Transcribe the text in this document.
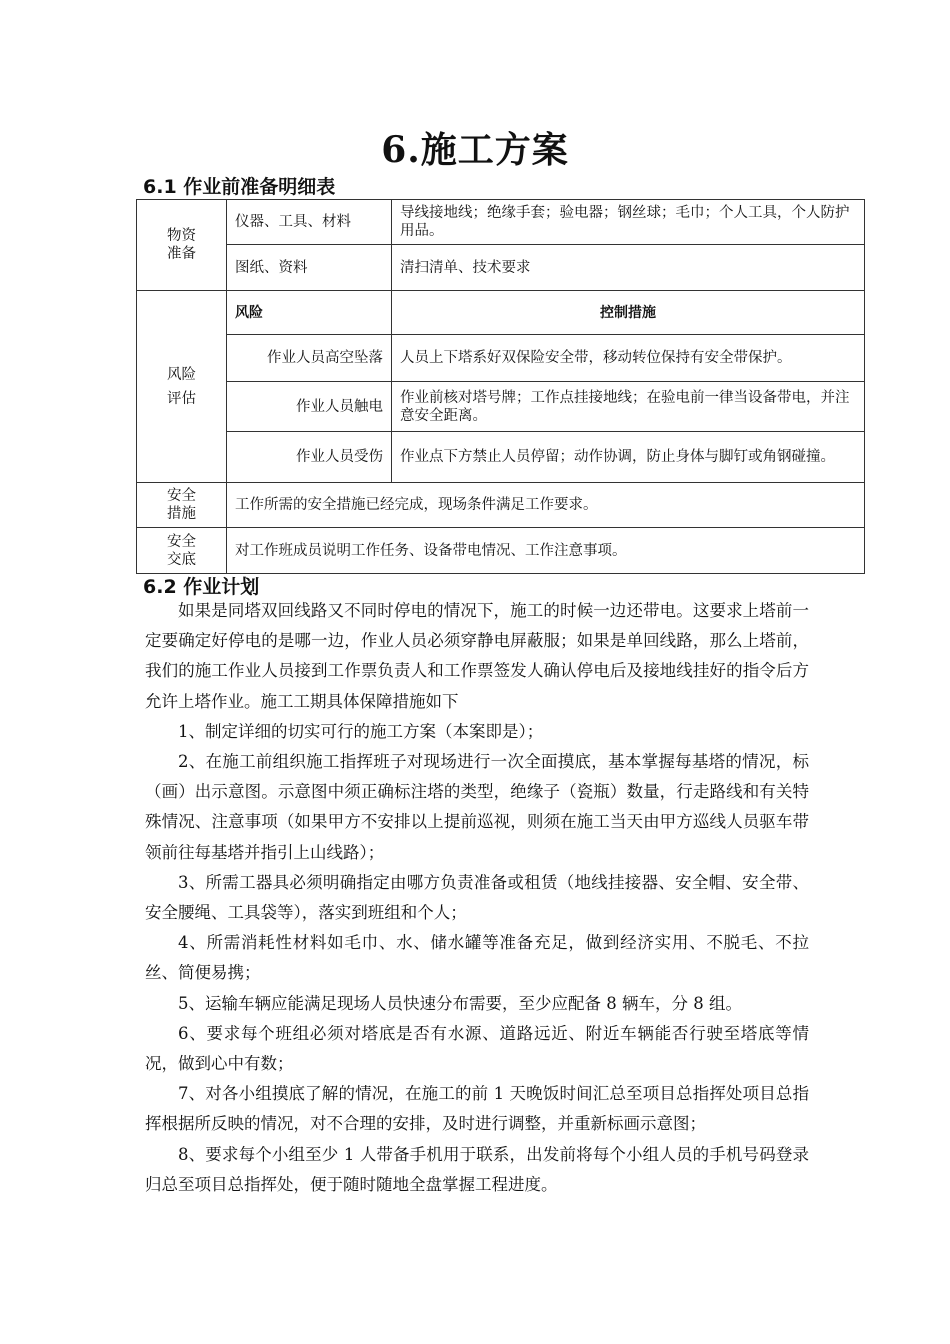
6.施工方案
6.1 作业前准备明细表
物资
准备	仪器、工具、材料	导线接地线；绝缘手套；验电器；钢丝球；毛巾；个人工具，个人防护用品。
	图纸、资料	清扫清单、技术要求

风险
评估	风险	控制措施
	作业人员高空坠落	人员上下塔系好双保险安全带，移动转位保持有安全带保护。
	作业人员触电	作业前核对塔号牌；工作点挂接地线；在验电前一律当设备带电，并注意安全距离。
	作业人员受伤	作业点下方禁止人员停留；动作协调，防止身体与脚钉或角钢碰撞。

安全
措施	工作所需的安全措施已经完成，现场条件满足工作要求。	

安全
交底	对工作班成员说明工作任务、设备带电情况、工作注意事项。	
6.2 作业计划

如果是同塔双回线路又不同时停电的情况下，施工的时候一边还带电。这要求上塔前一定要确定好停电的是哪一边，作业人员必须穿静电屏蔽服；如果是单回线路，那么上塔前，我们的施工作业人员接到工作票负责人和工作票签发人确认停电后及接地线挂好的指令后方允许上塔作业。施工工期具体保障措施如下

1、制定详细的切实可行的施工方案（本案即是）；

2、在施工前组织施工指挥班子对现场进行一次全面摸底，基本掌握每基塔的情况，标（画）出示意图。示意图中须正确标注塔的类型，绝缘子（瓷瓶）数量，行走路线和有关特殊情况、注意事项（如果甲方不安排以上提前巡视，则须在施工当天由甲方巡线人员驱车带领前往每基塔并指引上山线路）；

3、所需工器具必须明确指定由哪方负责准备或租赁（地线挂接器、安全帽、安全带、安全腰绳、工具袋等），落实到班组和个人；

4、所需消耗性材料如毛巾、水、储水罐等准备充足，做到经济实用、不脱毛、不拉丝、简便易携；

5、运输车辆应能满足现场人员快速分布需要，至少应配备 8 辆车，分 8 组。

6、要求每个班组必须对塔底是否有水源、道路远近、附近车辆能否行驶至塔底等情况，做到心中有数；

7、对各小组摸底了解的情况，在施工的前 1 天晚饭时间汇总至项目总指挥处项目总指挥根据所反映的情况，对不合理的安排，及时进行调整，并重新标画示意图；

8、要求每个小组至少 1 人带备手机用于联系，出发前将每个小组人员的手机号码登录归总至项目总指挥处，便于随时随地全盘掌握工程进度。
